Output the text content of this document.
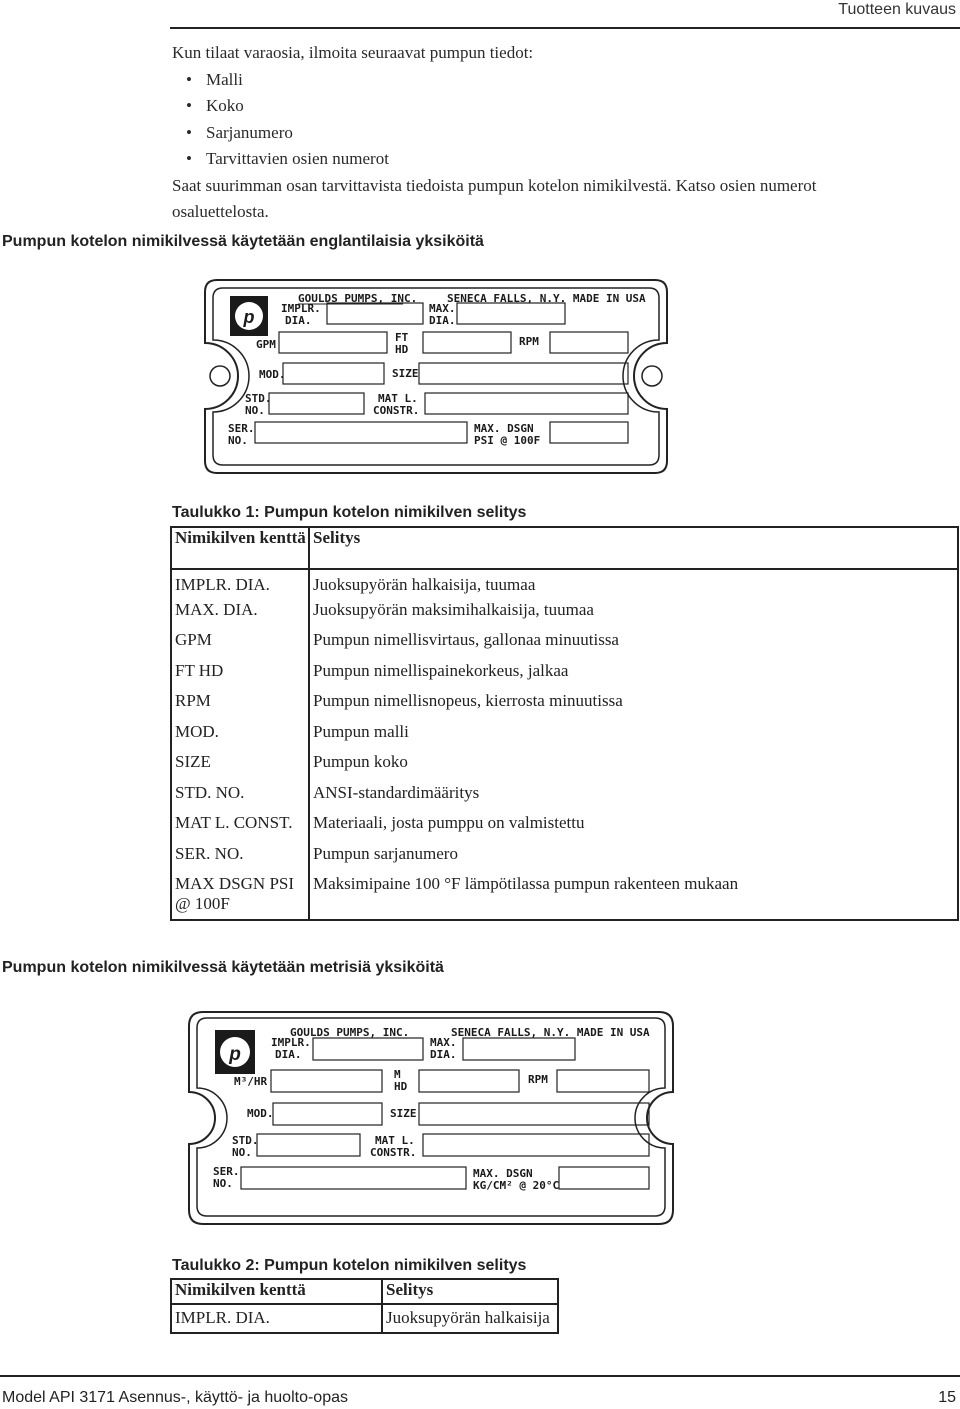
Tuotteen kuvaus

Kun tilaat varaosia, ilmoita seuraavat pumpun tiedot:

• Malli
• Koko
• Sarjanumero
• Tarvittavien osien numerot

Saat suurimman osan tarvittavista tiedoista pumpun kotelon nimikilvestä. Katso osien numerot osaluettelosta.

Pumpun kotelon nimikilvessä käytetään englantilaisia yksiköitä
p
GOULDS PUMPS, INC.	SENECA FALLS, N.Y. MADE IN USA
IMPLR.
DIA.
MAX.
DIA.
GPM
FT
HD
RPM
MOD.	SIZE
STD.
NO.
MAT L.
CONSTR.
SER.
NO.
MAX. DSGN
PSI @ 100F
Taulukko 1: Pumpun kotelon nimikilven selitys
Nimikilven kenttä	Selitys
IMPLR. DIA.	Juoksupyörän halkaisija, tuumaa
MAX. DIA.	Juoksupyörän maksimihalkaisija, tuumaa
GPM	Pumpun nimellisvirtaus, gallonaa minuutissa
FT HD	Pumpun nimellispainekorkeus, jalkaa
RPM	Pumpun nimellisnopeus, kierrosta minuutissa
MOD.	Pumpun malli
SIZE	Pumpun koko
STD. NO.	ANSI-standardimääritys
MAT L. CONST.	Materiaali, josta pumppu on valmistettu
SER. NO.	Pumpun sarjanumero
MAX DSGN PSI @ 100F	Maksimipaine 100 °F lämpötilassa pumpun rakenteen mukaan
Pumpun kotelon nimikilvessä käytetään metrisiä yksiköitä
p
GOULDS PUMPS, INC.	SENECA FALLS, N.Y. MADE IN USA
IMPLR.
DIA.
MAX.
DIA.
M³/HR
M
HD
RPM
MOD.	SIZE
STD.
NO.
MAT L.
CONSTR.
SER.
NO.
MAX. DSGN
KG/CM² @ 20°C
Taulukko 2: Pumpun kotelon nimikilven selitys
Nimikilven kenttä	Selitys
IMPLR. DIA.	Juoksupyörän halkaisija
Model API 3171 Asennus-, käyttö- ja huolto-opas	15
